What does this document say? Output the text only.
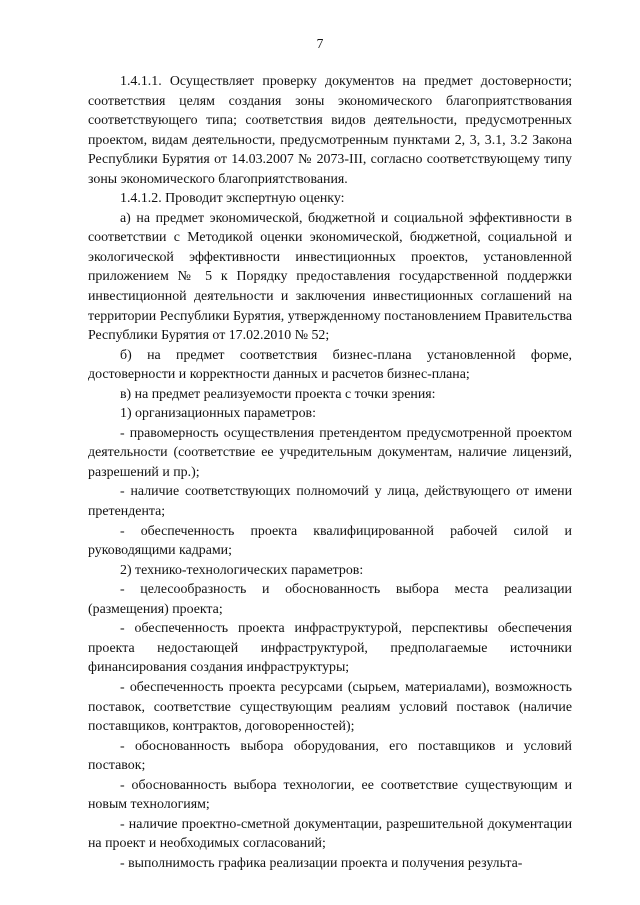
7

1.4.1.1. Осуществляет проверку документов на предмет достоверности; соответствия целям создания зоны экономического благоприятствования соответствующего типа; соответствия видов деятельности, предусмотренных проектом, видам деятельности, предусмотренным пунктами 2, 3, 3.1, 3.2 Закона Республики Бурятия от 14.03.2007 № 2073-III, согласно соответствующему типу зоны экономического благоприятствования.

1.4.1.2. Проводит экспертную оценку:

а) на предмет экономической, бюджетной и социальной эффективности в соответствии с Методикой оценки экономической, бюджетной, социальной и экологической эффективности инвестиционных проектов, установленной приложением № 5 к Порядку предоставления государственной поддержки инвестиционной деятельности и заключения инвестиционных соглашений на территории Республики Бурятия, утвержденному постановлением Правительства Республики Бурятия от 17.02.2010 № 52;

б) на предмет соответствия бизнес-плана установленной форме, достоверности и корректности данных и расчетов бизнес-плана;

в) на предмет реализуемости проекта с точки зрения:

1) организационных параметров:

- правомерность осуществления претендентом предусмотренной проектом деятельности (соответствие ее учредительным документам, наличие лицензий, разрешений и пр.);

- наличие соответствующих полномочий у лица, действующего от имени претендента;

- обеспеченность проекта квалифицированной рабочей силой и руководящими кадрами;

2) технико-технологических параметров:

- целесообразность и обоснованность выбора места реализации (размещения) проекта;

- обеспеченность проекта инфраструктурой, перспективы обеспечения проекта недостающей инфраструктурой, предполагаемые источники финансирования создания инфраструктуры;

- обеспеченность проекта ресурсами (сырьем, материалами), возможность поставок, соответствие существующим реалиям условий поставок (наличие поставщиков, контрактов, договоренностей);

- обоснованность выбора оборудования, его поставщиков и условий поставок;

- обоснованность выбора технологии, ее соответствие существующим и новым технологиям;

- наличие проектно-сметной документации, разрешительной документации на проект и необходимых согласований;

- выполнимость графика реализации проекта и получения результа-
